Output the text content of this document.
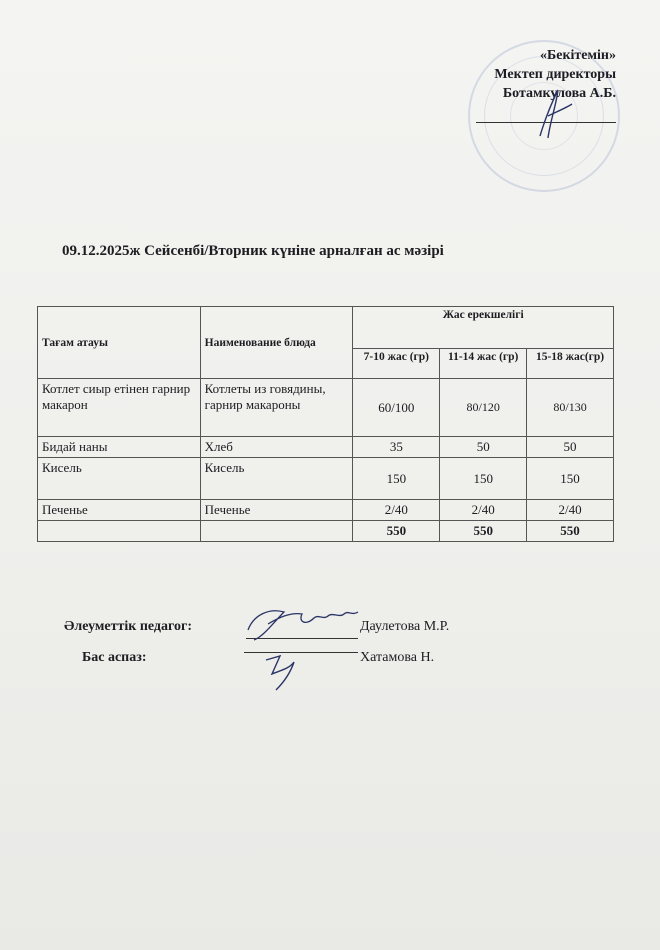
«Бекітемін»
Мектеп директоры
Ботамкулова А.Б.
09.12.2025ж Сейсенбі/Вторник күніне арналған ас мәзірі
Тағам атауы	Наименование блюда	Жас ерекшелігі		
		7-10 жас (гр)	11-14 жас (гр)	15-18 жас(гр)
Котлет сиыр етінен гарнир макарон	Котлеты из говядины, гарнир макароны	60/100	80/120	80/130
Бидай наны	Хлеб	35	50	50
Кисель	Кисель	150	150	150
Печенье	Печенье	2/40	2/40	2/40
		550	550	550
Әлеуметтік педагог:	Даулетова М.Р.
Бас аспаз:	Хатамова Н.
